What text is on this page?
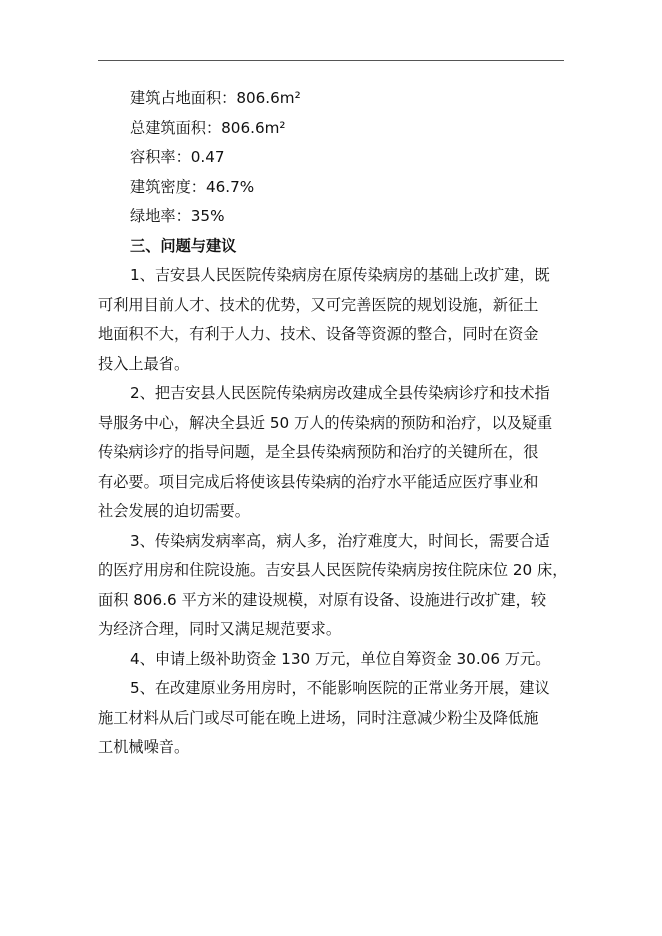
建筑占地面积：806.6m²
总建筑面积：806.6m²
容积率：0.47
建筑密度：46.7%
绿地率：35%
三、问题与建议
1、吉安县人民医院传染病房在原传染病房的基础上改扩建，既
可利用目前人才、技术的优势，又可完善医院的规划设施，新征土
地面积不大，有利于人力、技术、设备等资源的整合，同时在资金
投入上最省。
2、把吉安县人民医院传染病房改建成全县传染病诊疗和技术指
导服务中心，解决全县近 50 万人的传染病的预防和治疗，以及疑重
传染病诊疗的指导问题，是全县传染病预防和治疗的关键所在，很
有必要。项目完成后将使该县传染病的治疗水平能适应医疗事业和
社会发展的迫切需要。
3、传染病发病率高，病人多，治疗难度大，时间长，需要合适
的医疗用房和住院设施。吉安县人民医院传染病房按住院床位 20 床，
面积 806.6 平方米的建设规模，对原有设备、设施进行改扩建，较
为经济合理，同时又满足规范要求。
4、申请上级补助资金 130 万元，单位自筹资金 30.06 万元。
5、在改建原业务用房时，不能影响医院的正常业务开展，建议
施工材料从后门或尽可能在晚上进场，同时注意减少粉尘及降低施
工机械噪音。
